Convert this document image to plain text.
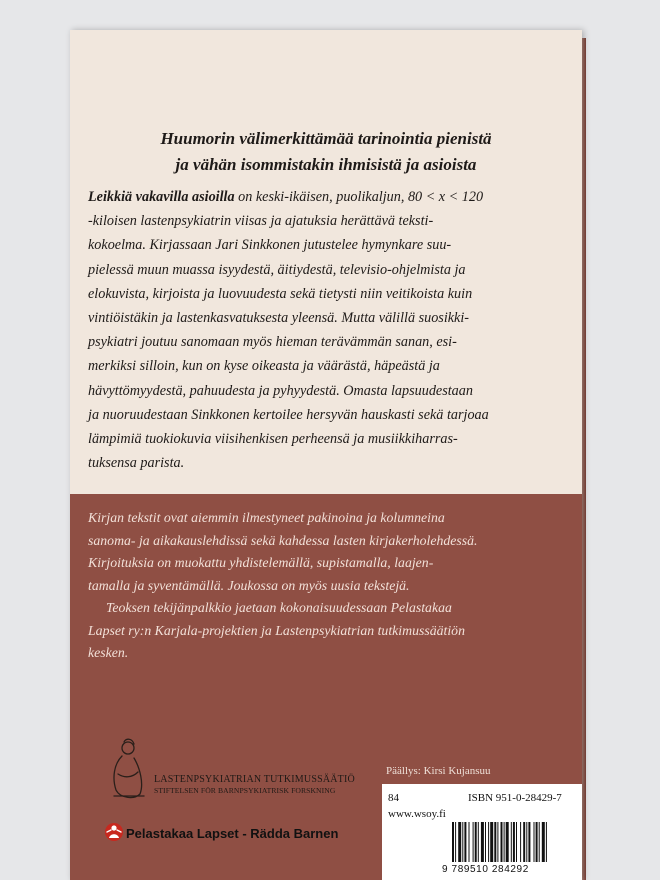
Huumorin välimerkittämää tarinointia pienistä
ja vähän isommistakin ihmisistä ja asioista

Leikkiä vakavilla asioilla on keski-ikäisen, puolikaljun, 80 < x < 120
-kiloisen lastenpsykiatrin viisas ja ajatuksia herättävä teksti-
kokoelma. Kirjassaan Jari Sinkkonen jutustelee hymynkare suu-
pielessä muun muassa isyydestä, äitiydestä, televisio-ohjelmista ja
elokuvista, kirjoista ja luovuudesta sekä tietysti niin veitikoista kuin
vintiöistäkin ja lastenkasvatuksesta yleensä. Mutta välillä suosikki-
psykiatri joutuu sanomaan myös hieman terävämmän sanan, esi-
merkiksi silloin, kun on kyse oikeasta ja väärästä, häpeästä ja
hävyttömyydestä, pahuudesta ja pyhyydestä. Omasta lapsuudestaan
ja nuoruudestaan Sinkkonen kertoilee hersyvän hauskasti sekä tarjoaa
lämpimiä tuokiokuvia viisihenkisen perheensä ja musiikkiharras-
tuksensa parista.

Kirjan tekstit ovat aiemmin ilmestyneet pakinoina ja kolumneina
sanoma- ja aikakauslehdissä sekä kahdessa lasten kirjakerholehdessä.
Kirjoituksia on muokattu yhdistelemällä, supistamalla, laajen-
tamalla ja syventämällä. Joukossa on myös uusia tekstejä.
Teoksen tekijänpalkkio jaetaan kokonaisuudessaan Pelastakaa
Lapset ry:n Karjala-projektien ja Lastenpsykiatrian tutkimussäätiön
kesken.
LASTENPSYKIATRIAN TUTKIMUSSÄÄTIÖ
STIFTELSEN FÖR BARNPSYKIATRISK FORSKNING
Pelastakaa Lapset - Rädda Barnen
Päällys: Kirsi Kujansuu
84
www.wsoy.fi
ISBN 951-0-28429-7
9 789510 284292
